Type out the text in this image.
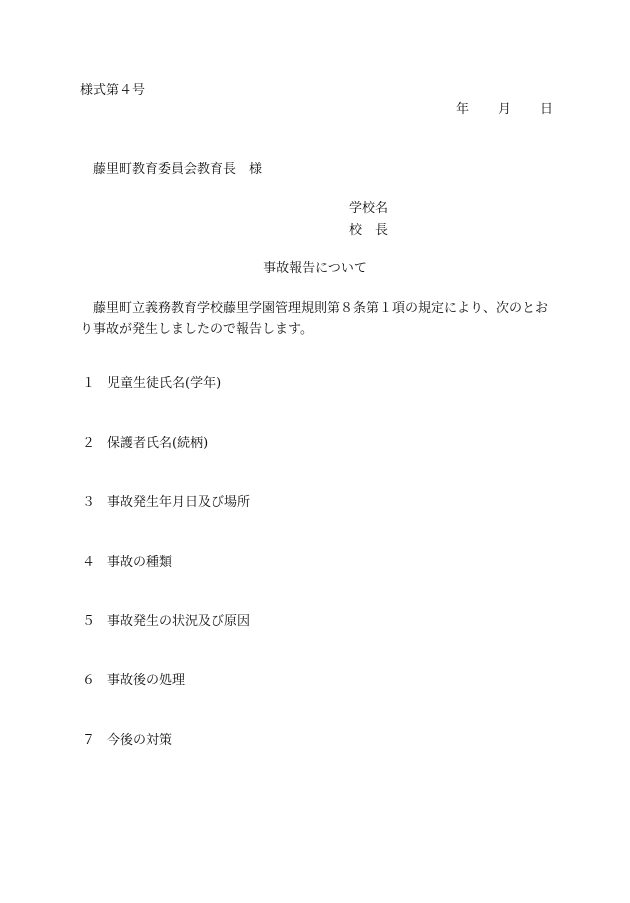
様式第４号
年 月 日
藤里町教育委員会教育長　様
学校名
校　長
事故報告について
藤里町立義務教育学校藤里学園管理規則第８条第１項の規定により、次のとおり事故が発生しましたので報告します。
１ 児童生徒氏名(学年)
２ 保護者氏名(続柄)
３ 事故発生年月日及び場所
４ 事故の種類
５ 事故発生の状況及び原因
６ 事故後の処理
７ 今後の対策
